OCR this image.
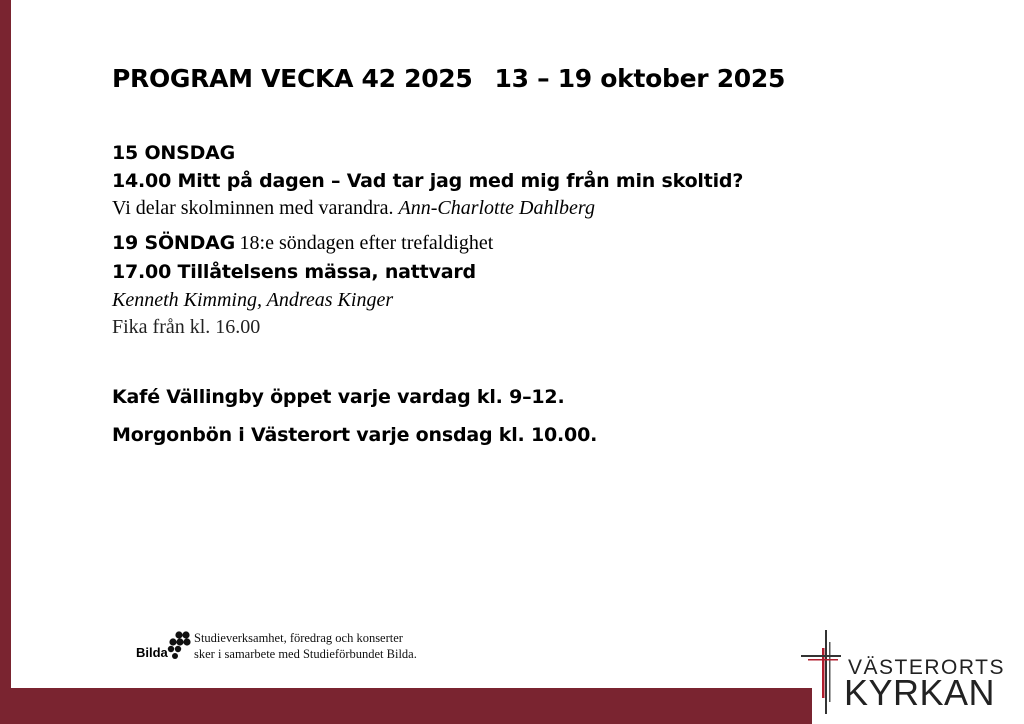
PROGRAM VECKA 42 2025 13 – 19 oktober 2025
15 ONSDAG
14.00 Mitt på dagen – Vad tar jag med mig från min skoltid?
Vi delar skolminnen med varandra. Ann-Charlotte Dahlberg
19 SÖNDAG 18:e söndagen efter trefaldighet
17.00 Tillåtelsens mässa, nattvard
Kenneth Kimming, Andreas Kinger
Fika från kl. 16.00
Kafé Vällingby öppet varje vardag kl. 9–12.
Morgonbön i Västerort varje onsdag kl. 10.00.
Bilda
Studieverksamhet, föredrag och konserter
sker i samarbete med Studieförbundet Bilda.
VÄSTERORTS
KYRKAN
